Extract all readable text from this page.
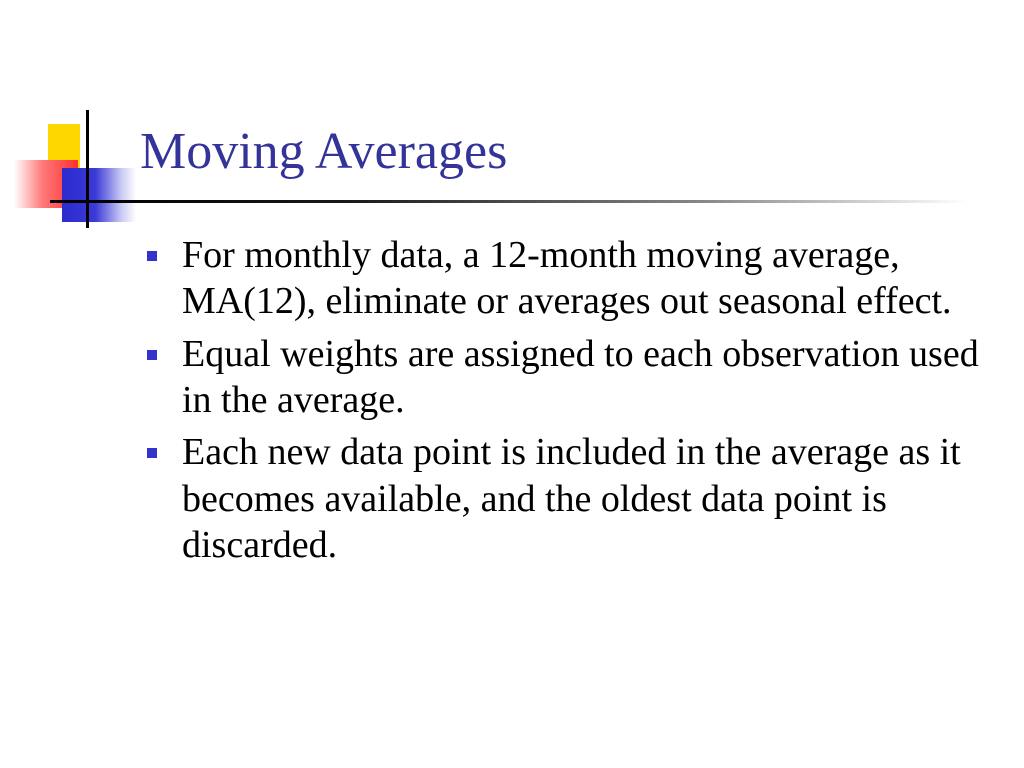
Moving Averages
For monthly data, a 12-month moving average, MA(12), eliminate or averages out seasonal effect.
Equal weights are assigned to each observation used in the average.
Each new data point is included in the average as it becomes available, and the oldest data point is discarded.
